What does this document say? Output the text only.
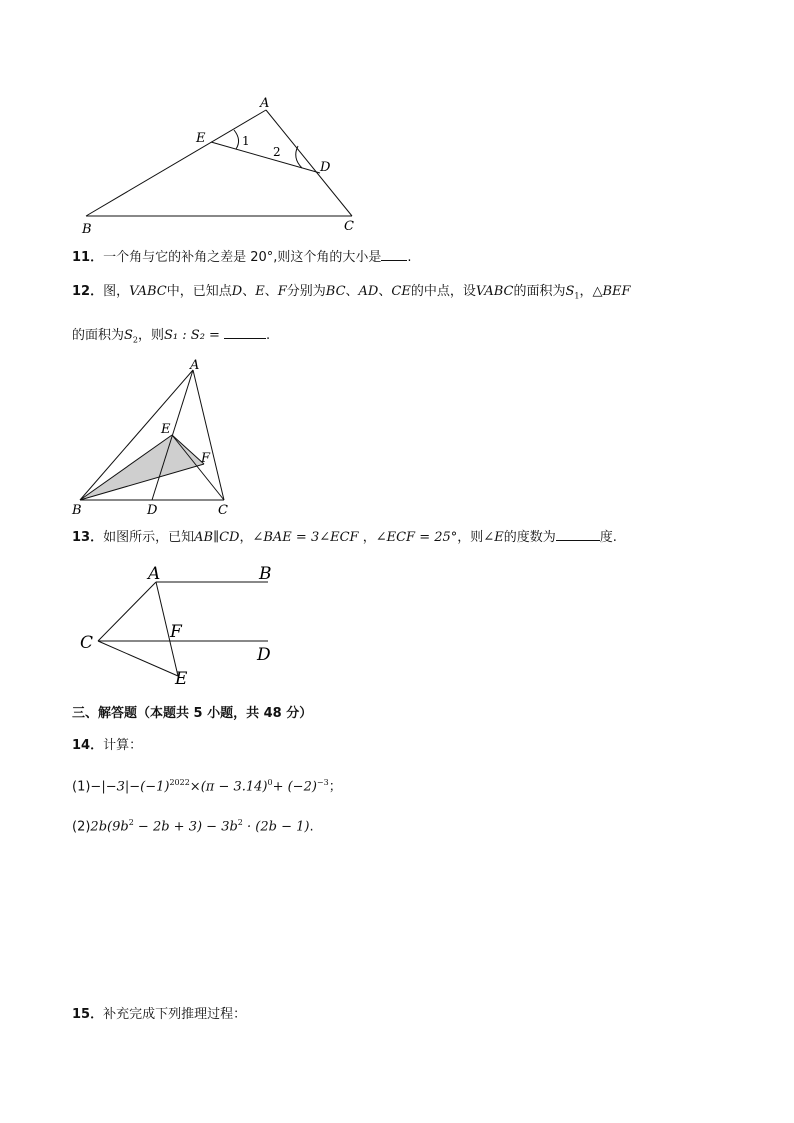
A
B	C
D
E	1
2
11．一个角与它的补角之差是 20°,则这个角的大小是 .
12．图，VABC中，已知点D、E、F分别为BC、AD、CE的中点，设VABC的面积为$S_1$，△BEF
的面积为$S_2$，则S₁ : S₂ =	.
A
B	C
D
E
F
13．如图所示，已知AB∥CD，∠BAE = 3∠ECF ，∠ECF = 25°，则∠E的度数为	度.
A	B
C
D
E
F
三、解答题（本题共 5 小题，共 48 分）
14．计算：
$(1)-|-3|-(-1)^{2022}\times(\pi - 3.14)^0+ (-2)^{-3}$；
$(2)2b(9b^2 - 2b + 3) - 3b^2 \cdot (2b - 1)$.
15．补充完成下列推理过程：
